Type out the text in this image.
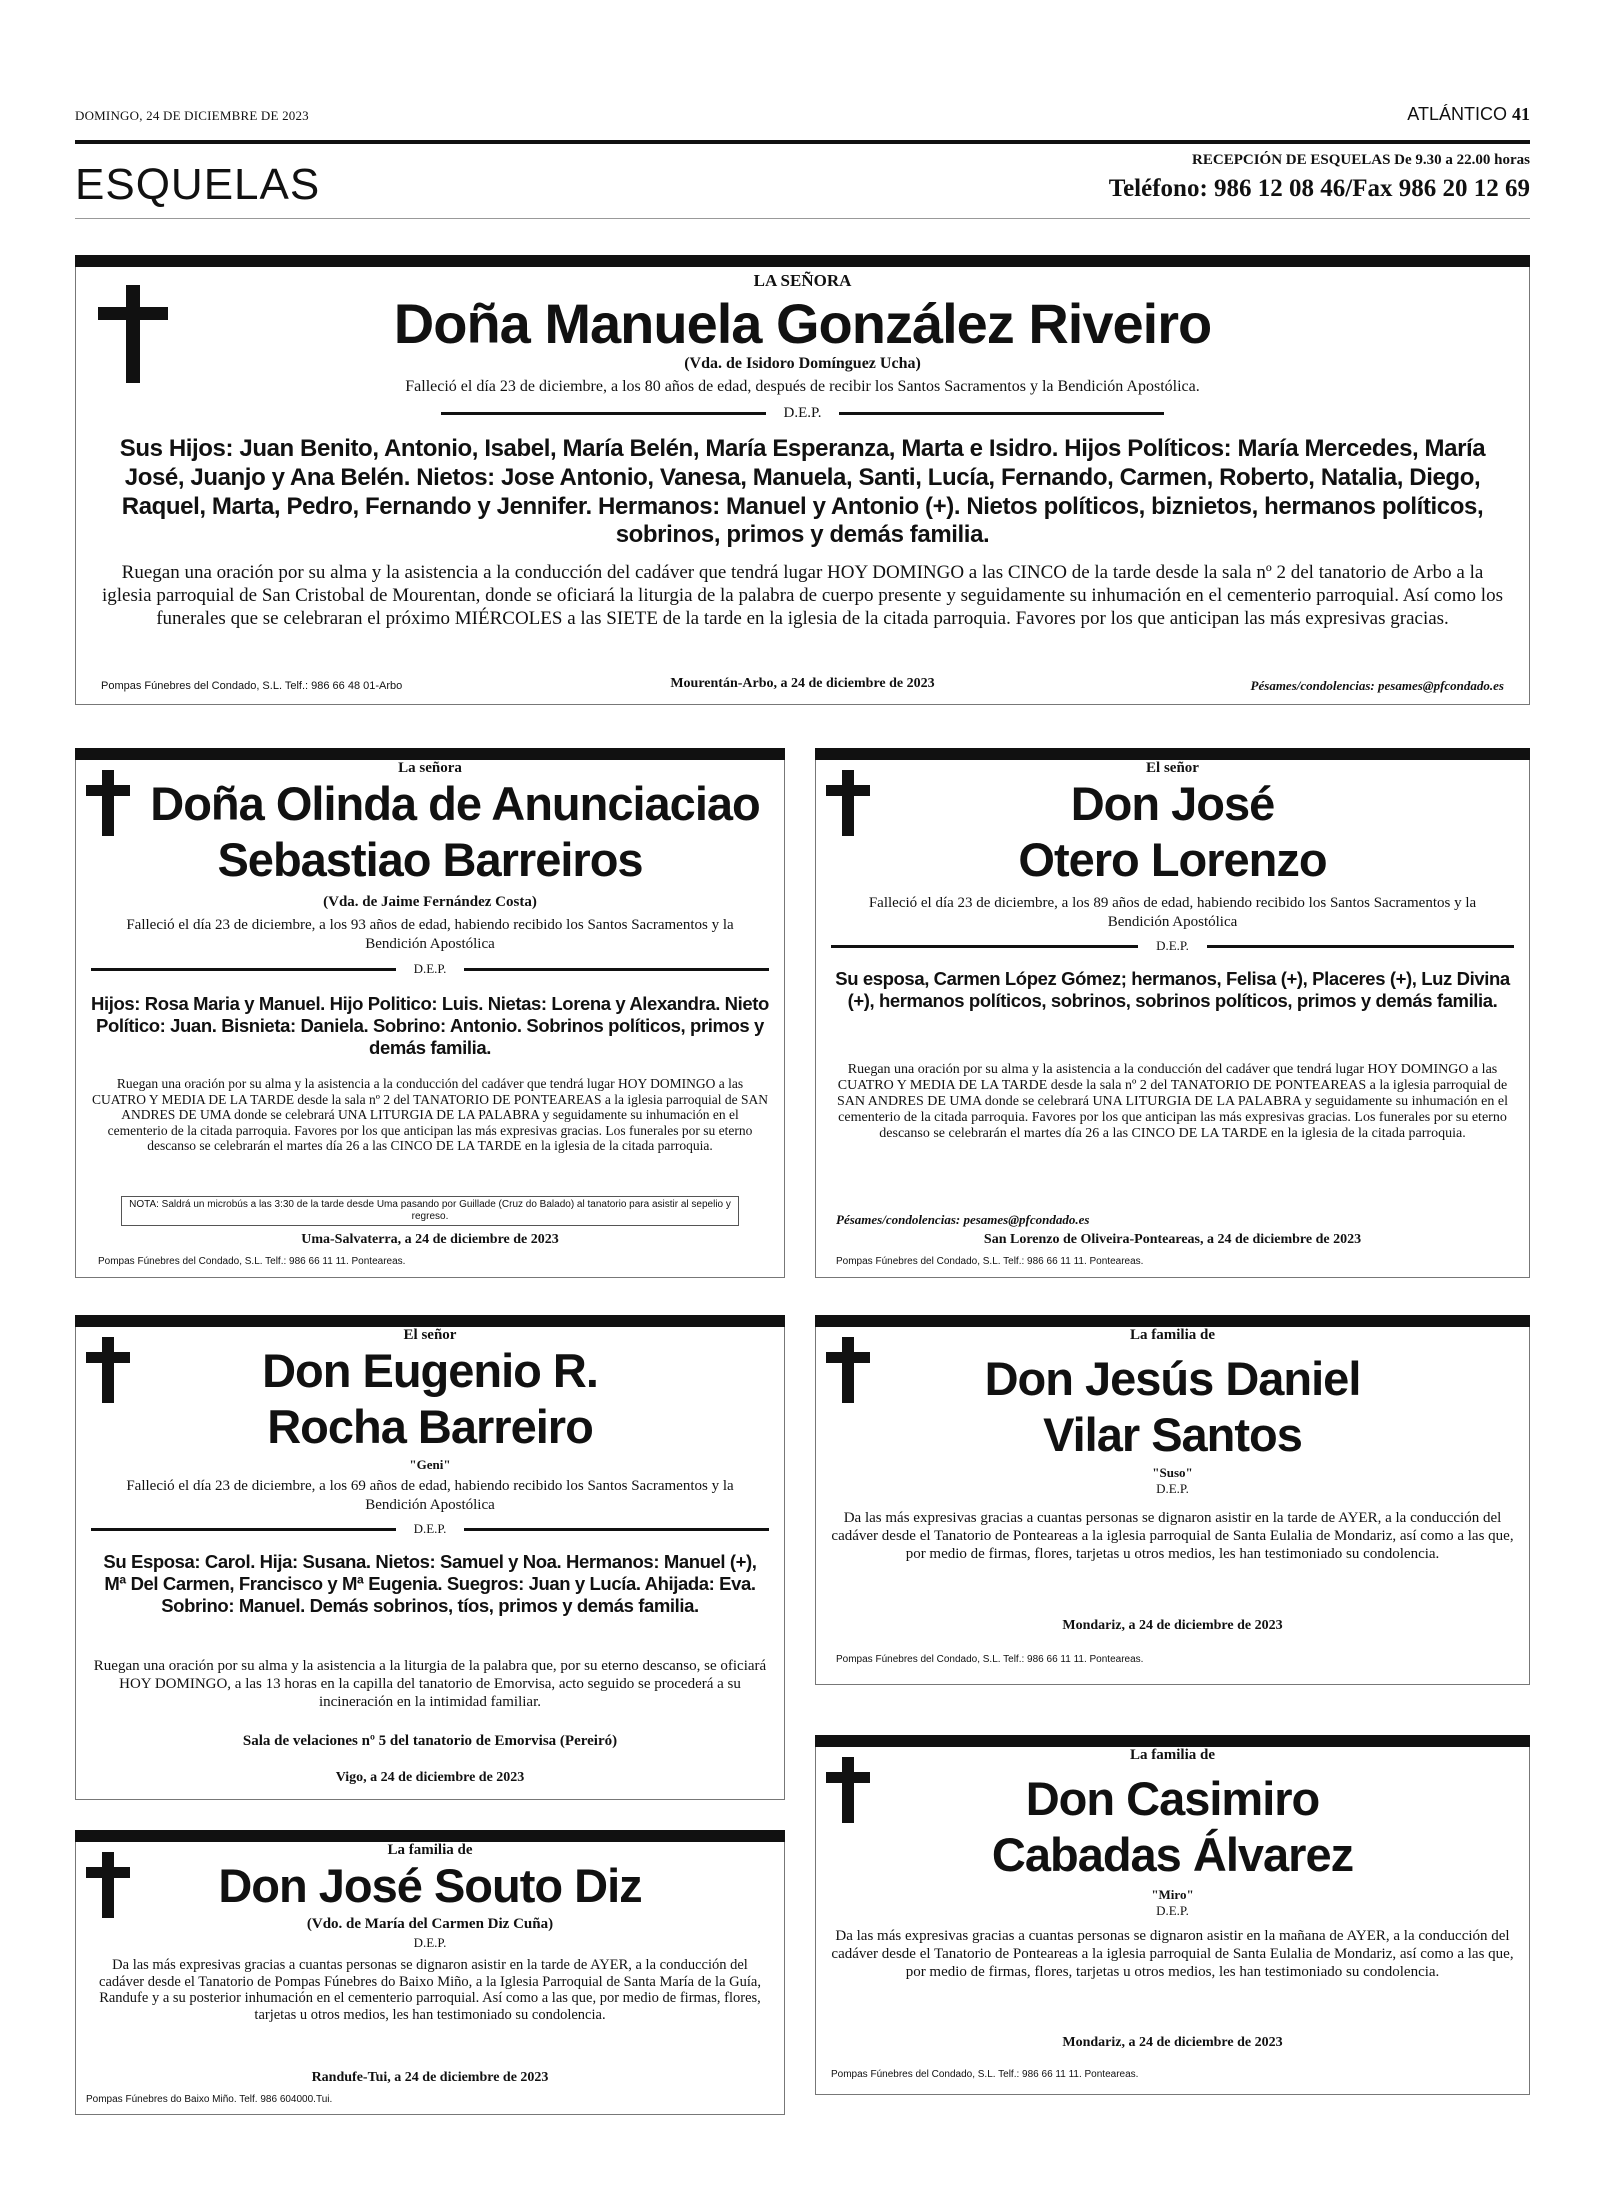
DOMINGO, 24 DE DICIEMBRE DE 2023	ATLÁNTICO 41
ESQUELAS	RECEPCIÓN DE ESQUELAS De 9.30 a 22.00 horas
Teléfono: 986 12 08 46/Fax 986 20 12 69
LA SEÑORA
Doña Manuela González Riveiro
(Vda. de Isidoro Domínguez Ucha)
Falleció el día 23 de diciembre, a los 80 años de edad, después de recibir los Santos Sacramentos y la Bendición Apostólica.
D.E.P.
Sus Hijos: Juan Benito, Antonio, Isabel, María Belén, María Esperanza, Marta e Isidro. Hijos Políticos: María Mercedes, María José, Juanjo y Ana Belén. Nietos: Jose Antonio, Vanesa, Manuela, Santi, Lucía, Fernando, Carmen, Roberto, Natalia, Diego, Raquel, Marta, Pedro, Fernando y Jennifer. Hermanos: Manuel y Antonio (+). Nietos políticos, biznietos, hermanos políticos, sobrinos, primos y demás familia.
Ruegan una oración por su alma y la asistencia a la conducción del cadáver que tendrá lugar HOY DOMINGO a las CINCO de la tarde desde la sala nº 2 del tanatorio de Arbo a la iglesia parroquial de San Cristobal de Mourentan, donde se oficiará la liturgia de la palabra de cuerpo presente y seguidamente su inhumación en el cementerio parroquial. Así como los funerales que se celebraran el próximo MIÉRCOLES a las SIETE de la tarde en la iglesia de la citada parroquia. Favores por los que anticipan las más expresivas gracias.
Pompas Fúnebres del Condado, S.L. Telf.: 986 66 48 01-Arbo	Mourentán-Arbo, a 24 de diciembre de 2023	Pésames/condolencias: pesames@pfcondado.es
La señora
Doña Olinda de Anunciaciao
Sebastiao Barreiros
(Vda. de Jaime Fernández Costa)
Falleció el día 23 de diciembre, a los 93 años de edad, habiendo recibido los Santos Sacramentos y la Bendición Apostólica
D.E.P.
Hijos: Rosa Maria y Manuel. Hijo Politico: Luis. Nietas: Lorena y Alexandra. Nieto Político: Juan. Bisnieta: Daniela. Sobrino: Antonio. Sobrinos políticos, primos y demás familia.
Ruegan una oración por su alma y la asistencia a la conducción del cadáver que tendrá lugar HOY DOMINGO a las CUATRO Y MEDIA DE LA TARDE desde la sala nº 2 del TANATORIO DE PONTEAREAS a la iglesia parroquial de SAN ANDRES DE UMA donde se celebrará UNA LITURGIA DE LA PALABRA y seguidamente su inhumación en el cementerio de la citada parroquia. Favores por los que anticipan las más expresivas gracias. Los funerales por su eterno descanso se celebrarán el martes día 26 a las CINCO DE LA TARDE en la iglesia de la citada parroquia.
NOTA: Saldrá un microbús a las 3:30 de la tarde desde Uma pasando por Guillade (Cruz do Balado) al tanatorio para asistir al sepelio y regreso.
Uma-Salvaterra, a 24 de diciembre de 2023
Pompas Fúnebres del Condado, S.L. Telf.: 986 66 11 11. Ponteareas.
El señor
Don José
Otero Lorenzo
Falleció el día 23 de diciembre, a los 89 años de edad, habiendo recibido los Santos Sacramentos y la Bendición Apostólica
D.E.P.
Su esposa, Carmen López Gómez; hermanos, Felisa (+), Placeres (+), Luz Divina (+), hermanos políticos, sobrinos, sobrinos políticos, primos y demás familia.
Ruegan una oración por su alma y la asistencia a la conducción del cadáver que tendrá lugar HOY DOMINGO a las CUATRO Y MEDIA DE LA TARDE desde la sala nº 2 del TANATORIO DE PONTEAREAS a la iglesia parroquial de SAN ANDRES DE UMA donde se celebrará UNA LITURGIA DE LA PALABRA y seguidamente su inhumación en el cementerio de la citada parroquia. Favores por los que anticipan las más expresivas gracias. Los funerales por su eterno descanso se celebrarán el martes día 26 a las CINCO DE LA TARDE en la iglesia de la citada parroquia.
Pésames/condolencias: pesames@pfcondado.es
San Lorenzo de Oliveira-Ponteareas, a 24 de diciembre de 2023
Pompas Fúnebres del Condado, S.L. Telf.: 986 66 11 11. Ponteareas.
El señor
Don Eugenio R.
Rocha Barreiro
"Geni"
Falleció el día 23 de diciembre, a los 69 años de edad, habiendo recibido los Santos Sacramentos y la Bendición Apostólica
D.E.P.
Su Esposa: Carol. Hija: Susana. Nietos: Samuel y Noa. Hermanos: Manuel (+), Mª Del Carmen, Francisco y Mª Eugenia. Suegros: Juan y Lucía. Ahijada: Eva. Sobrino: Manuel. Demás sobrinos, tíos, primos y demás familia.
Ruegan una oración por su alma y la asistencia a la liturgia de la palabra que, por su eterno descanso, se oficiará HOY DOMINGO, a las 13 horas en la capilla del tanatorio de Emorvisa, acto seguido se procederá a su incineración en la intimidad familiar.
Sala de velaciones nº 5 del tanatorio de Emorvisa (Pereiró)
Vigo, a 24 de diciembre de 2023
La familia de
Don Jesús Daniel
Vilar Santos
"Suso"
D.E.P.
Da las más expresivas gracias a cuantas personas se dignaron asistir en la tarde de AYER, a la conducción del cadáver desde el Tanatorio de Ponteareas a la iglesia parroquial de Santa Eulalia de Mondariz, así como a las que, por medio de firmas, flores, tarjetas u otros medios, les han testimoniado su condolencia.
Mondariz, a 24 de diciembre de 2023
Pompas Fúnebres del Condado, S.L. Telf.: 986 66 11 11. Ponteareas.
La familia de
Don José Souto Diz
(Vdo. de María del Carmen Diz Cuña)
D.E.P.
Da las más expresivas gracias a cuantas personas se dignaron asistir en la tarde de AYER, a la conducción del cadáver desde el Tanatorio de Pompas Fúnebres do Baixo Miño, a la Iglesia Parroquial de Santa María de la Guía, Randufe y a su posterior inhumación en el cementerio parroquial. Así como a las que, por medio de firmas, flores, tarjetas u otros medios, les han testimoniado su condolencia.
Randufe-Tui, a 24 de diciembre de 2023
Pompas Fúnebres do Baixo Miño. Telf. 986 604000.Tui.
La familia de
Don Casimiro
Cabadas Álvarez
"Miro"
D.E.P.
Da las más expresivas gracias a cuantas personas se dignaron asistir en la mañana de AYER, a la conducción del cadáver desde el Tanatorio de Ponteareas a la iglesia parroquial de Santa Eulalia de Mondariz, así como a las que, por medio de firmas, flores, tarjetas u otros medios, les han testimoniado su condolencia.
Mondariz, a 24 de diciembre de 2023
Pompas Fúnebres del Condado, S.L. Telf.: 986 66 11 11. Ponteareas.
